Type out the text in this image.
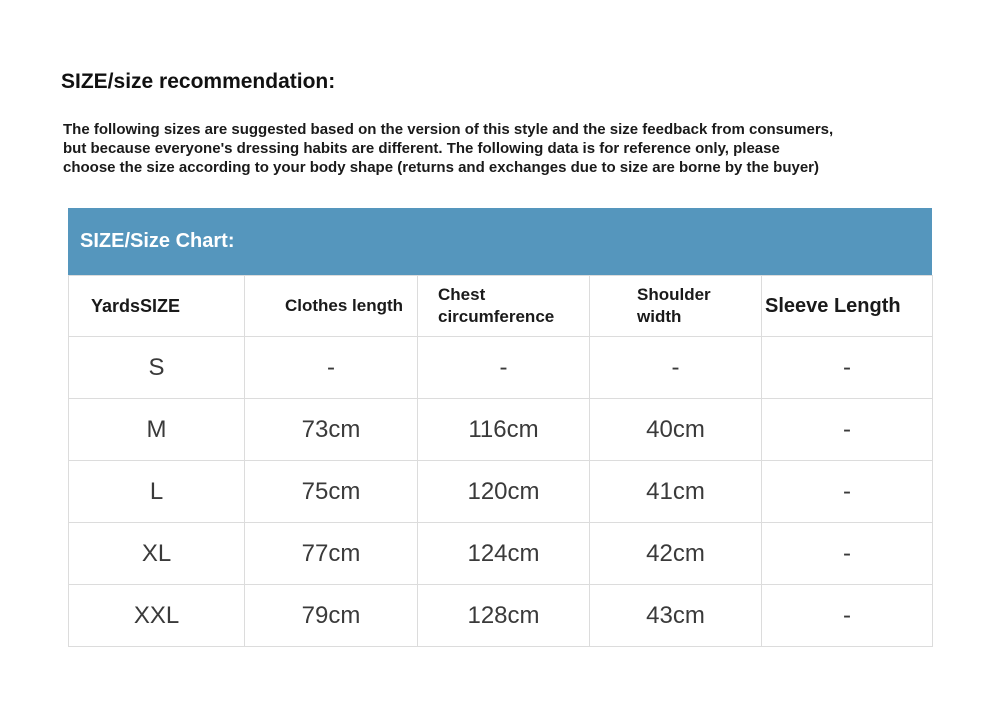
SIZE/size recommendation:
The following sizes are suggested based on the version of this style and the size feedback from consumers,
but because everyone's dressing habits are different. The following data is for reference only, please
choose the size according to your body shape (returns and exchanges due to size are borne by the buyer)
SIZE/Size Chart:
YardsSIZE	Clothes length	Chest circumference	Shoulder width	Sleeve Length

S	-	-	-	-
M	73cm	116cm	40cm	-
L	75cm	120cm	41cm	-
XL	77cm	124cm	42cm	-
XXL	79cm	128cm	43cm	-
